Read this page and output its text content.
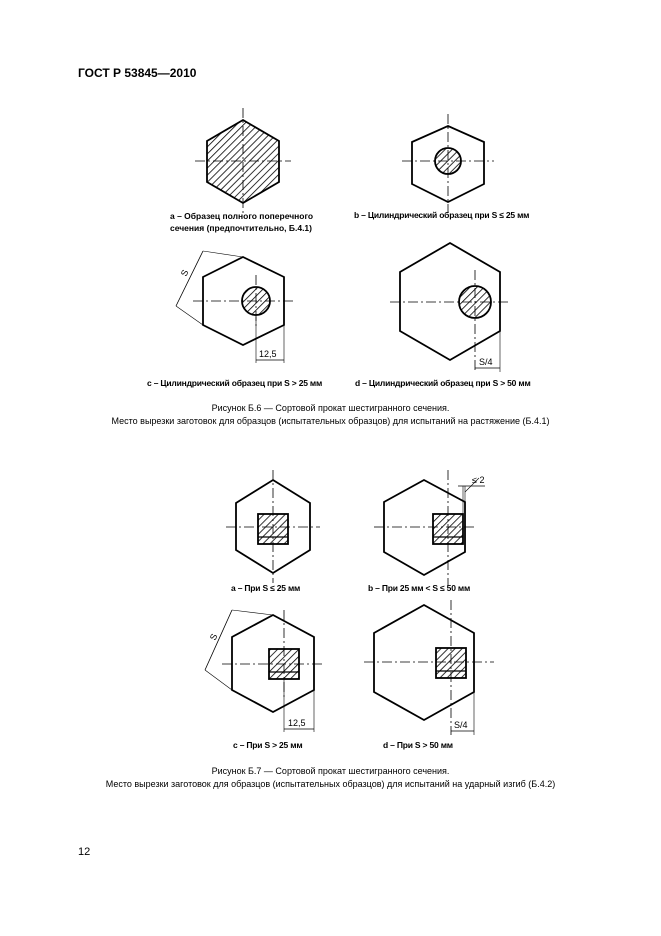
ГОСТ Р 53845—2010
S
12,5
S/4
≤ 2
S
12,5	S/4
a – Образец полного поперечного сечения (предпочтительно, Б.4.1)
b – Цилиндрический образец при S ≤ 25 мм
c – Цилиндрический образец при S > 25 мм	d – Цилиндрический образец при S > 50 мм
Рисунок Б.6 — Сортовой прокат шестигранного сечения.
Место вырезки заготовок для образцов (испытательных образцов) для испытаний на растяжение (Б.4.1)
a – При S ≤ 25 мм	b – При 25 мм < S ≤ 50 мм
c – При S > 25 мм	d – При S > 50 мм
Рисунок Б.7 — Сортовой прокат шестигранного сечения.
Место вырезки заготовок для образцов (испытательных образцов) для испытаний на ударный изгиб (Б.4.2)
12
